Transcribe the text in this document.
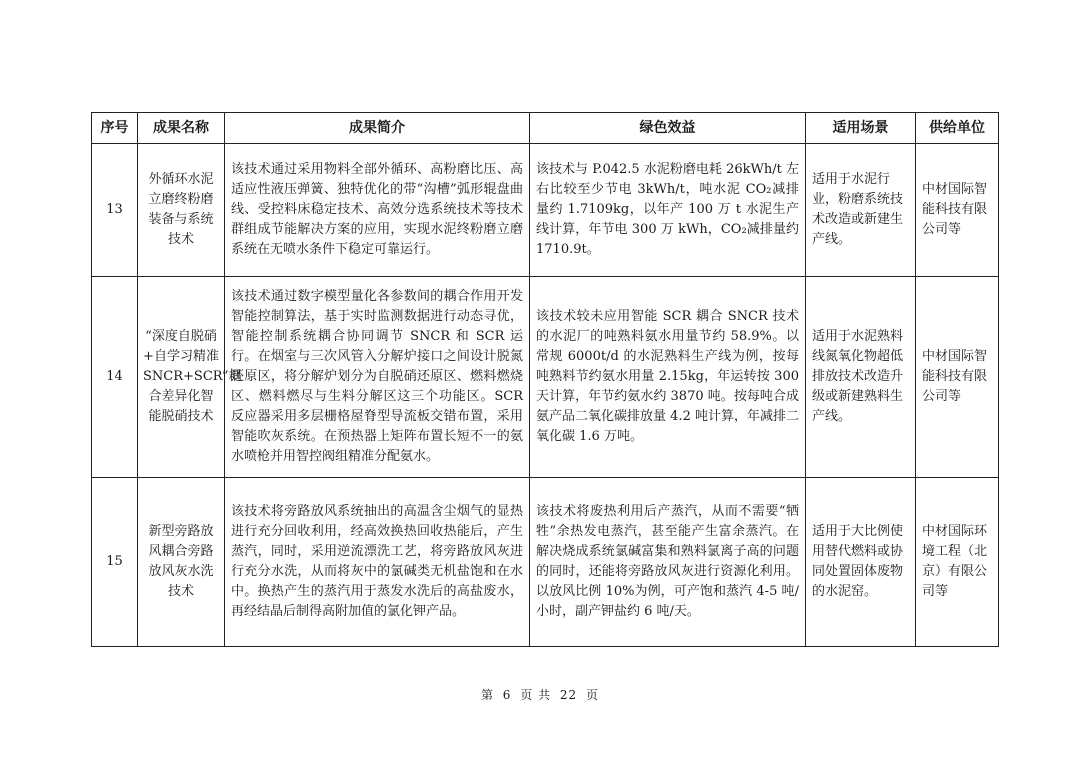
序号	成果名称	成果简介	绿色效益	适用场景	供给单位
13	外循环水泥立磨终粉磨装备与系统技术	该技术通过采用物料全部外循环、高粉磨比压、高适应性液压弹簧、独特优化的带“沟槽”弧形辊盘曲线、受控料床稳定技术、高效分选系统技术等技术群组成节能解决方案的应用，实现水泥终粉磨立磨系统在无喷水条件下稳定可靠运行。	该技术与 P.042.5 水泥粉磨电耗 26kWh/t 左右比较至少节电 3kWh/t，吨水泥 CO₂减排量约 1.7109kg，以年产 100 万 t 水泥生产线计算，年节电 300 万 kWh，CO₂减排量约 1710.9t。	适用于水泥行业，粉磨系统技术改造或新建生产线。	中材国际智能科技有限公司等
14	“深度自脱硝+自学习精准 SNCR+SCR”耦合差异化智能脱硝技术	该技术通过数字模型量化各参数间的耦合作用开发智能控制算法，基于实时监测数据进行动态寻优，智能控制系统耦合协同调节 SNCR 和 SCR 运行。在烟室与三次风管入分解炉接口之间设计脱氮还原区，将分解炉划分为自脱硝还原区、燃料燃烧区、燃料燃尽与生料分解区这三个功能区。SCR 反应器采用多层栅格屋脊型导流板交错布置，采用智能吹灰系统。在预热器上矩阵布置长短不一的氨水喷枪并用智控阀组精准分配氨水。	该技术较未应用智能 SCR 耦合 SNCR 技术的水泥厂的吨熟料氨水用量节约 58.9%。以常规 6000t/d 的水泥熟料生产线为例，按每吨熟料节约氨水用量 2.15kg，年运转按 300 天计算，年节约氨水约 3870 吨。按每吨合成氨产品二氧化碳排放量 4.2 吨计算，年减排二氧化碳 1.6 万吨。	适用于水泥熟料线氮氧化物超低排放技术改造升级或新建熟料生产线。	中材国际智能科技有限公司等
15	新型旁路放风耦合旁路放风灰水洗技术	该技术将旁路放风系统抽出的高温含尘烟气的显热进行充分回收利用，经高效换热回收热能后，产生蒸汽，同时，采用逆流漂洗工艺，将旁路放风灰进行充分水洗，从而将灰中的氯碱类无机盐饱和在水中。换热产生的蒸汽用于蒸发水洗后的高盐废水，再经结晶后制得高附加值的氯化钾产品。	该技术将废热利用后产蒸汽，从而不需要“牺牲”余热发电蒸汽，甚至能产生富余蒸汽。在解决烧成系统氯碱富集和熟料氯离子高的问题的同时，还能将旁路放风灰进行资源化利用。以放风比例 10%为例，可产饱和蒸汽 4-5 吨/小时，副产钾盐约 6 吨/天。	适用于大比例使用替代燃料或协同处置固体废物的水泥窑。	中材国际环境工程（北京）有限公司等
第 6 页 共 22 页
